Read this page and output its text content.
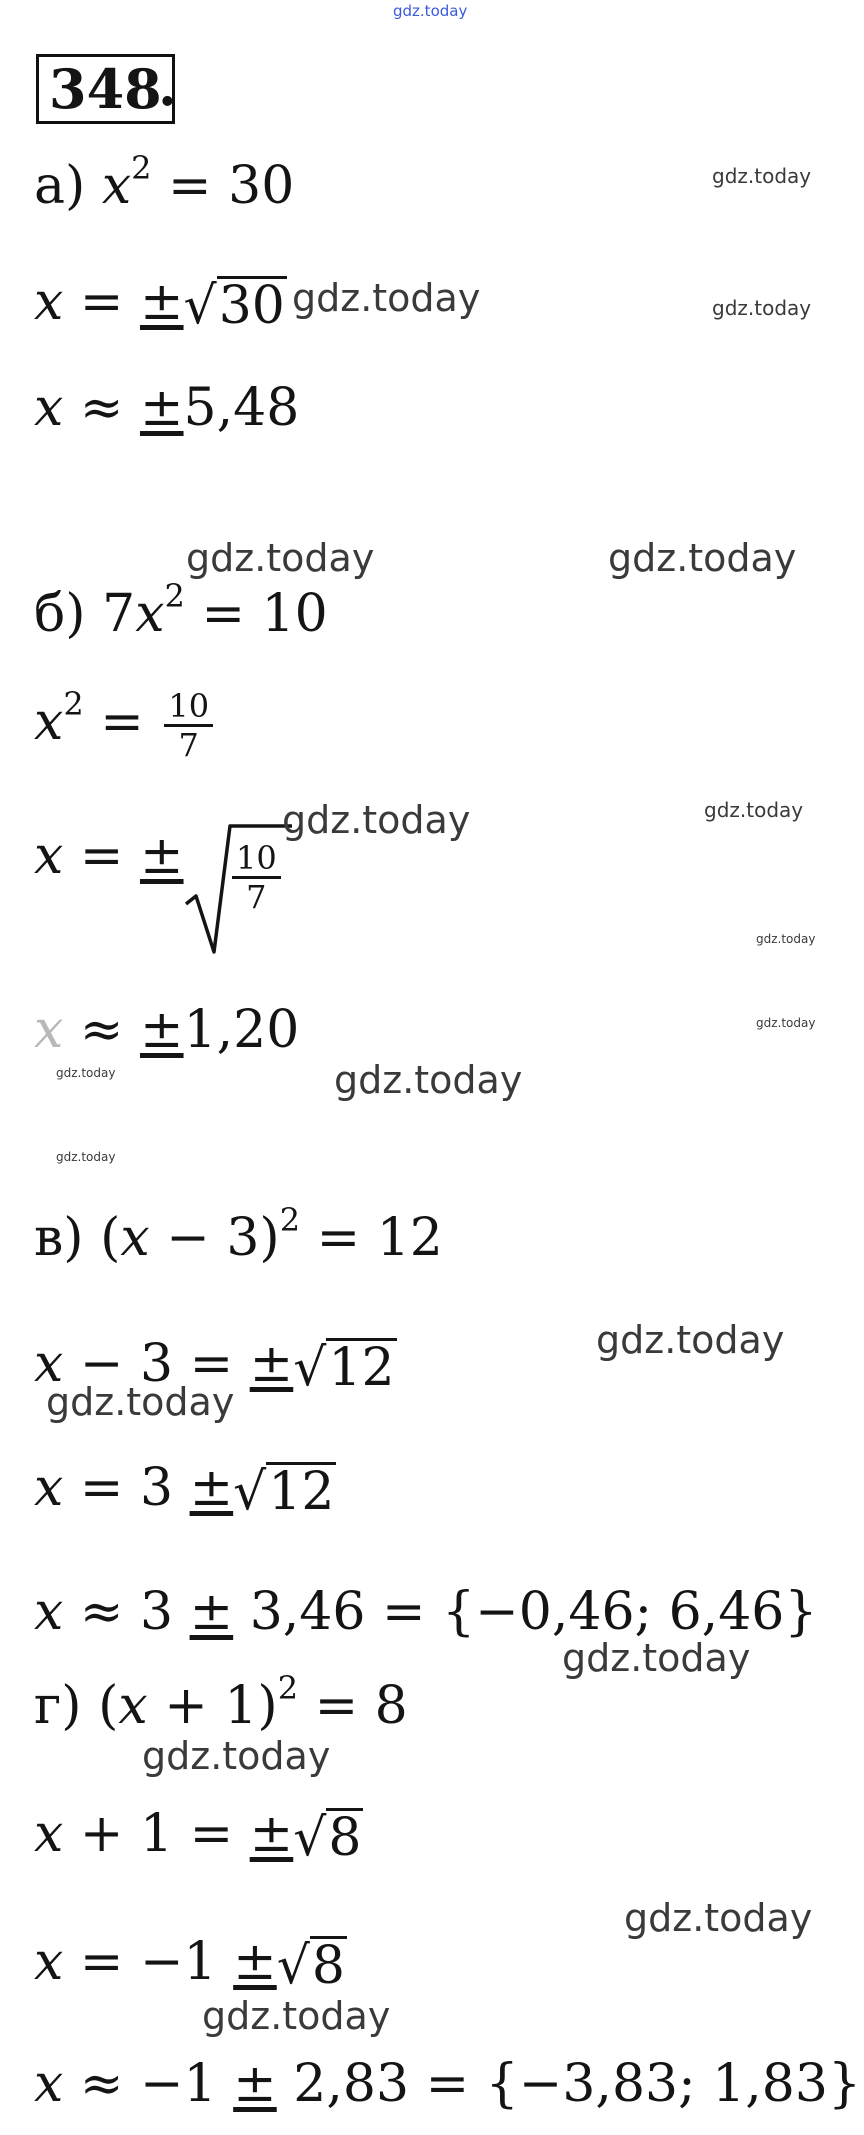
gdz.today
348
.
а) $x^2 = 30$
x = ±√30
x ≈ ±5,48
б) $7x^2 = 10$
$x^2 = \frac{10}{7}$
x = ± $\frac{10}{7}$
x ≈ ±1,20
в) $(x - 3)^2 = 12$
x − 3 = ±√12
x = 3 ±√12
x ≈ 3 ± 3,46 = {−0,46; 6,46}
г) $(x + 1)^2 = 8$
x + 1 = ±√8
x = −1 ±√8
x ≈ −1 ± 2,83 = {−3,83; 1,83}
gdz.today
gdz.today	gdz.today
gdz.today	gdz.today
gdz.today
gdz.today
gdz.today
gdz.today
gdz.today	gdz.today
gdz.today
gdz.today
gdz.today
gdz.today
gdz.today
gdz.today
gdz.today
